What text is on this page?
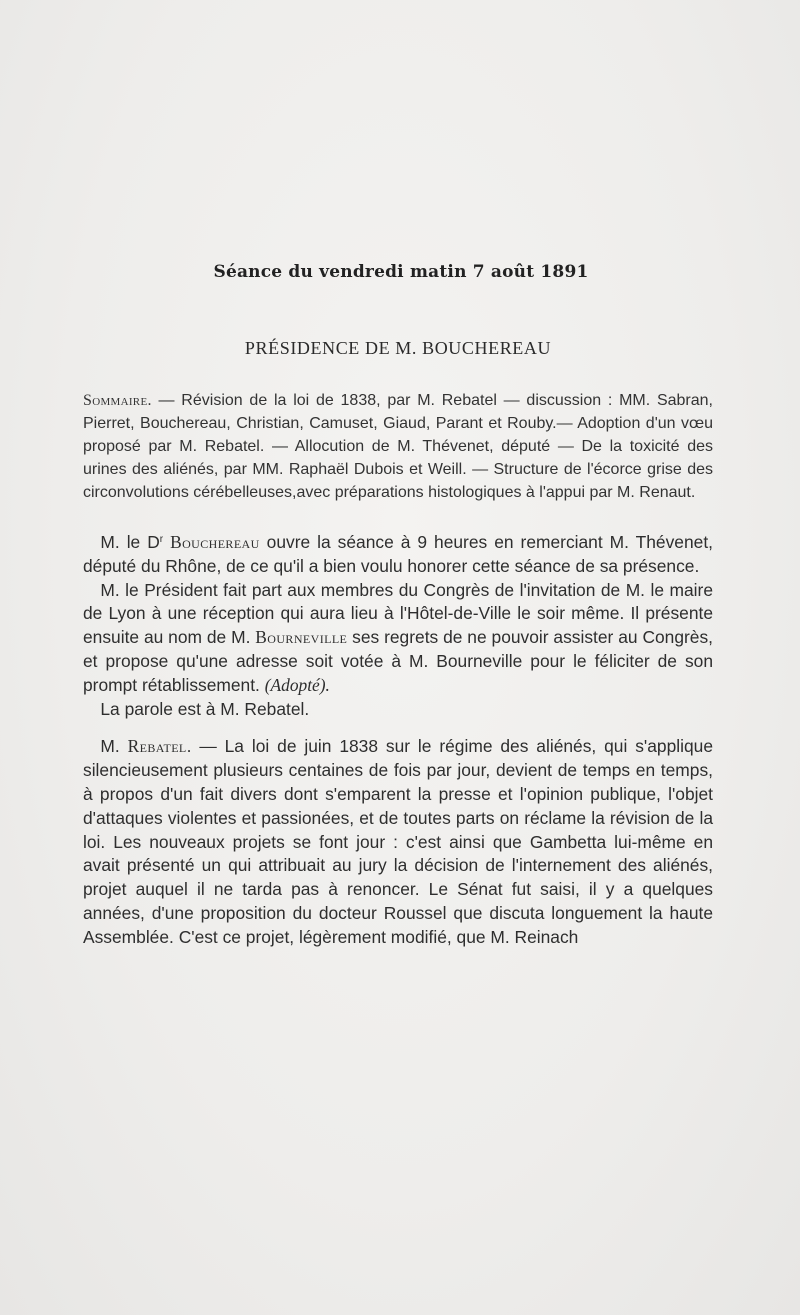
Séance du vendredi matin 7 août 1891
PRÉSIDENCE DE M. BOUCHEREAU
Sommaire. — Révision de la loi de 1838, par M. Rebatel — discussion : MM. Sabran, Pierret, Bouchereau, Christian, Camuset, Giaud, Parant et Rouby.— Adoption d'un vœu proposé par M. Rebatel. — Allocution de M. Thévenet, député — De la toxicité des urines des aliénés, par MM. Raphaël Dubois et Weill. — Structure de l'écorce grise des circonvolutions cérébelleuses,avec préparations histologiques à l'appui par M. Renaut.

 M. le $D^r$ Bouchereau ouvre la séance à 9 heures en remerciant M. Thévenet, député du Rhône, de ce qu'il a bien voulu honorer cette séance de sa présence.

 M. le Président fait part aux membres du Congrès de l'invitation de M. le maire de Lyon à une réception qui aura lieu à l'Hôtel-de-Ville le soir même. Il présente ensuite au nom de M. Bourneville ses regrets de ne pouvoir assister au Congrès, et propose qu'une adresse soit votée à M. Bourneville pour le féliciter de son prompt rétablissement. (Adopté).

 La parole est à M. Rebatel.

 M. Rebatel. — La loi de juin 1838 sur le régime des aliénés, qui s'applique silencieusement plusieurs centaines de fois par jour, devient de temps en temps, à propos d'un fait divers dont s'emparent la presse et l'opinion publique, l'objet d'attaques violentes et passionées, et de toutes parts on réclame la révision de la loi. Les nouveaux projets se font jour : c'est ainsi que Gambetta lui-même en avait présenté un qui attribuait au jury la décision de l'internement des aliénés, projet auquel il ne tarda pas à renoncer. Le Sénat fut saisi, il y a quelques années, d'une proposition du docteur Roussel que discuta longuement la haute Assemblée. C'est ce projet, légèrement modifié, que M. Reinach
